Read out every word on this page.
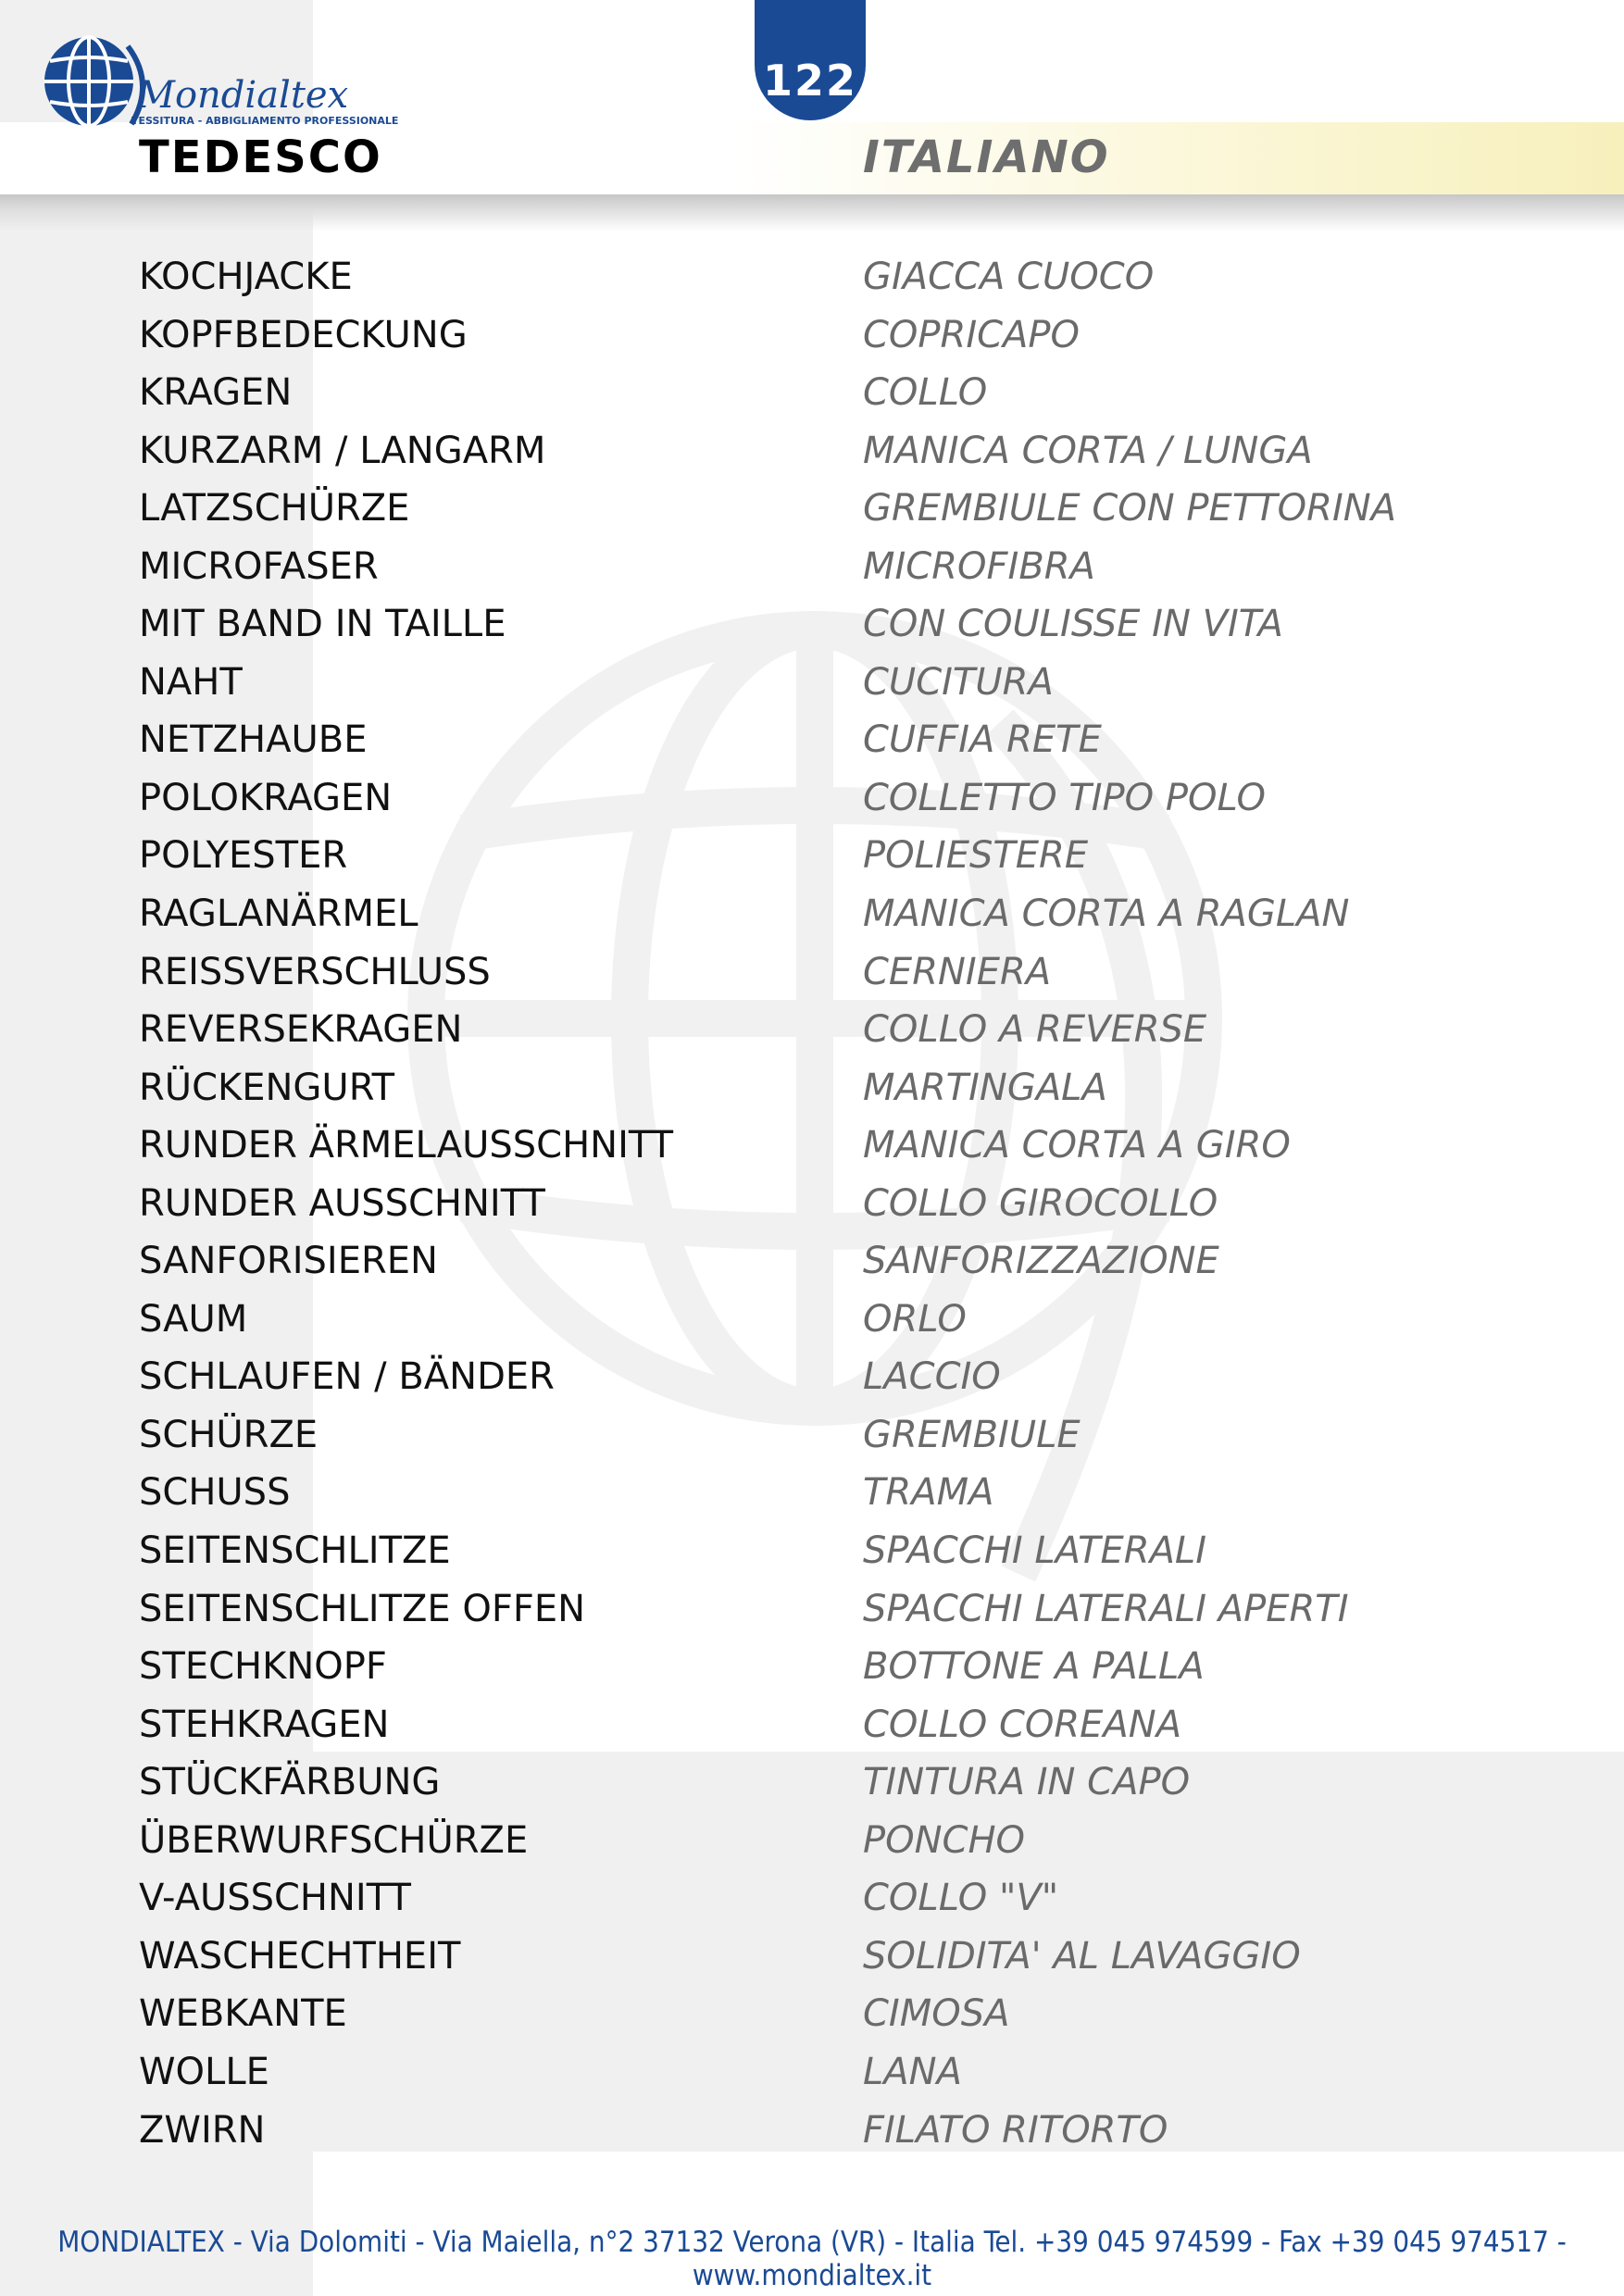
Mondialtex
TESSITURA - ABBIGLIAMENTO PROFESSIONALE
122
TEDESCO	ITALIANO
KOCHJACKE	GIACCA CUOCO
KOPFBEDECKUNG	COPRICAPO
KRAGEN	COLLO
KURZARM / LANGARM	MANICA CORTA / LUNGA
LATZSCHÜRZE	GREMBIULE CON PETTORINA
MICROFASER	MICROFIBRA
MIT BAND IN TAILLE	CON COULISSE IN VITA
NAHT	CUCITURA
NETZHAUBE	CUFFIA RETE
POLOKRAGEN	COLLETTO TIPO POLO
POLYESTER	POLIESTERE
RAGLANÄRMEL	MANICA CORTA A RAGLAN
REISSVERSCHLUSS	CERNIERA
REVERSEKRAGEN	COLLO A REVERSE
RÜCKENGURT	MARTINGALA
RUNDER ÄRMELAUSSCHNITT	MANICA CORTA A GIRO
RUNDER AUSSCHNITT	COLLO GIROCOLLO
SANFORISIEREN	SANFORIZZAZIONE
SAUM	ORLO
SCHLAUFEN / BÄNDER	LACCIO
SCHÜRZE	GREMBIULE
SCHUSS	TRAMA
SEITENSCHLITZE	SPACCHI LATERALI
SEITENSCHLITZE OFFEN	SPACCHI LATERALI APERTI
STECHKNOPF	BOTTONE A PALLA
STEHKRAGEN	COLLO COREANA
STÜCKFÄRBUNG	TINTURA IN CAPO
ÜBERWURFSCHÜRZE	PONCHO
V-AUSSCHNITT	COLLO "V"
WASCHECHTHEIT	SOLIDITA' AL LAVAGGIO
WEBKANTE	CIMOSA
WOLLE	LANA
ZWIRN	FILATO RITORTO
MONDIALTEX - Via Dolomiti - Via Maiella, n°2 37132 Verona (VR) - Italia Tel. +39 045 974599 - Fax +39 045 974517 - www.mondialtex.it
